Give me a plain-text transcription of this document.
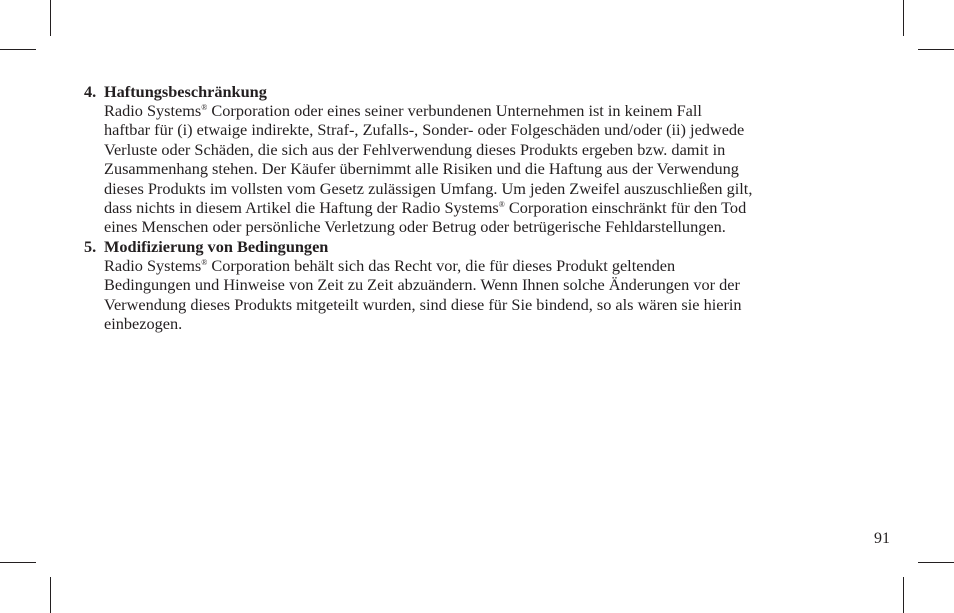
4. Haftungsbeschränkung

Radio Systems® Corporation oder eines seiner verbundenen Unternehmen ist in keinem Fall
haftbar für (i) etwaige indirekte, Straf-, Zufalls-, Sonder- oder Folgeschäden und/oder (ii) jedwede
Verluste oder Schäden, die sich aus der Fehlverwendung dieses Produkts ergeben bzw. damit in
Zusammenhang stehen. Der Käufer übernimmt alle Risiken und die Haftung aus der Verwendung
dieses Produkts im vollsten vom Gesetz zulässigen Umfang. Um jeden Zweifel auszuschließen gilt,
dass nichts in diesem Artikel die Haftung der Radio Systems® Corporation einschränkt für den Tod
eines Menschen oder persönliche Verletzung oder Betrug oder betrügerische Fehldarstellungen.

5. Modifizierung von Bedingungen

Radio Systems® Corporation behält sich das Recht vor, die für dieses Produkt geltenden
Bedingungen und Hinweise von Zeit zu Zeit abzuändern. Wenn Ihnen solche Änderungen vor der
Verwendung dieses Produkts mitgeteilt wurden, sind diese für Sie bindend, so als wären sie hierin
einbezogen.
91
